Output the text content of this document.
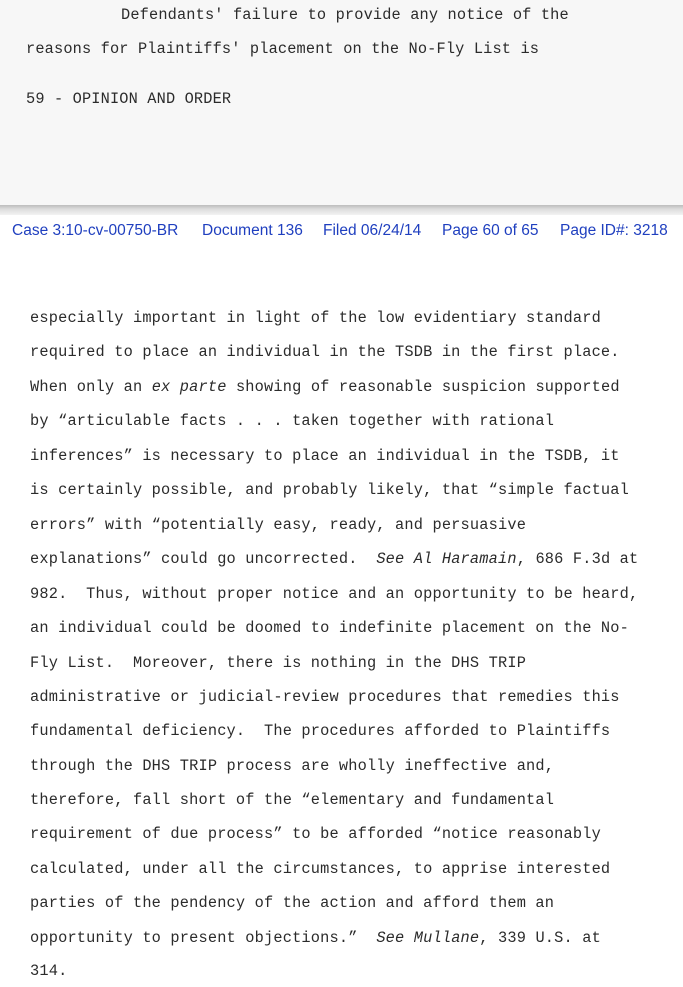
Defendants' failure to provide any notice of the
reasons for Plaintiffs' placement on the No-Fly List is
59 - OPINION AND ORDER
Case 3:10-cv-00750-BR Document 136 Filed 06/24/14 Page 60 of 65 Page ID#: 3218
especially important in light of the low evidentiary standard
required to place an individual in the TSDB in the first place.
When only an ex parte showing of reasonable suspicion supported
by “articulable facts . . . taken together with rational
inferences” is necessary to place an individual in the TSDB, it
is certainly possible, and probably likely, that “simple factual
errors” with “potentially easy, ready, and persuasive
explanations” could go uncorrected.  See Al Haramain, 686 F.3d at
982.  Thus, without proper notice and an opportunity to be heard,
an individual could be doomed to indefinite placement on the No-
Fly List.  Moreover, there is nothing in the DHS TRIP
administrative or judicial-review procedures that remedies this
fundamental deficiency.  The procedures afforded to Plaintiffs
through the DHS TRIP process are wholly ineffective and,
therefore, fall short of the “elementary and fundamental
requirement of due process” to be afforded “notice reasonably
calculated, under all the circumstances, to apprise interested
parties of the pendency of the action and afford them an
opportunity to present objections.”  See Mullane, 339 U.S. at
314.
